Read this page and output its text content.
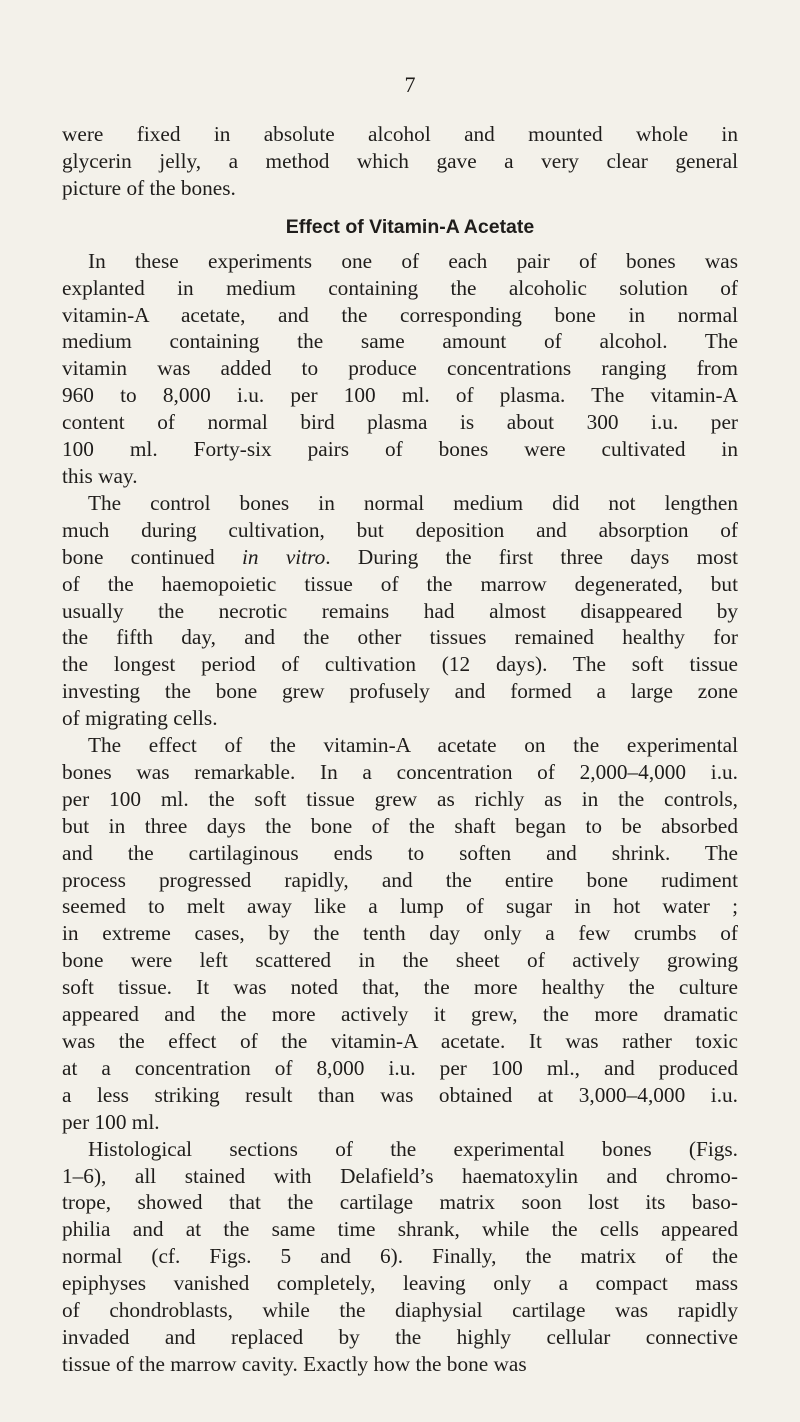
7

were fixed in absolute alcohol and mounted whole in
glycerin jelly, a method which gave a very clear general
picture of the bones.

Effect of Vitamin-A Acetate

In these experiments one of each pair of bones was
explanted in medium containing the alcoholic solution of
vitamin-A acetate, and the corresponding bone in normal
medium containing the same amount of alcohol. The
vitamin was added to produce concentrations ranging from
960 to 8,000 i.u. per 100 ml. of plasma. The vitamin-A
content of normal bird plasma is about 300 i.u. per
100 ml. Forty-six pairs of bones were cultivated in
this way.

The control bones in normal medium did not lengthen
much during cultivation, but deposition and absorption of
bone continued in vitro. During the first three days most
of the haemopoietic tissue of the marrow degenerated, but
usually the necrotic remains had almost disappeared by
the fifth day, and the other tissues remained healthy for
the longest period of cultivation (12 days). The soft tissue
investing the bone grew profusely and formed a large zone
of migrating cells.

The effect of the vitamin-A acetate on the experimental
bones was remarkable. In a concentration of 2,000–4,000 i.u.
per 100 ml. the soft tissue grew as richly as in the controls,
but in three days the bone of the shaft began to be absorbed
and the cartilaginous ends to soften and shrink. The
process progressed rapidly, and the entire bone rudiment
seemed to melt away like a lump of sugar in hot water ;
in extreme cases, by the tenth day only a few crumbs of
bone were left scattered in the sheet of actively growing
soft tissue. It was noted that, the more healthy the culture
appeared and the more actively it grew, the more dramatic
was the effect of the vitamin-A acetate. It was rather toxic
at a concentration of 8,000 i.u. per 100 ml., and produced
a less striking result than was obtained at 3,000–4,000 i.u.
per 100 ml.

Histological sections of the experimental bones (Figs.
1–6), all stained with Delafield’s haematoxylin and chromo-
trope, showed that the cartilage matrix soon lost its baso-
philia and at the same time shrank, while the cells appeared
normal (cf. Figs. 5 and 6). Finally, the matrix of the
epiphyses vanished completely, leaving only a compact mass
of chondroblasts, while the diaphysial cartilage was rapidly
invaded and replaced by the highly cellular connective
tissue of the marrow cavity. Exactly how the bone was
